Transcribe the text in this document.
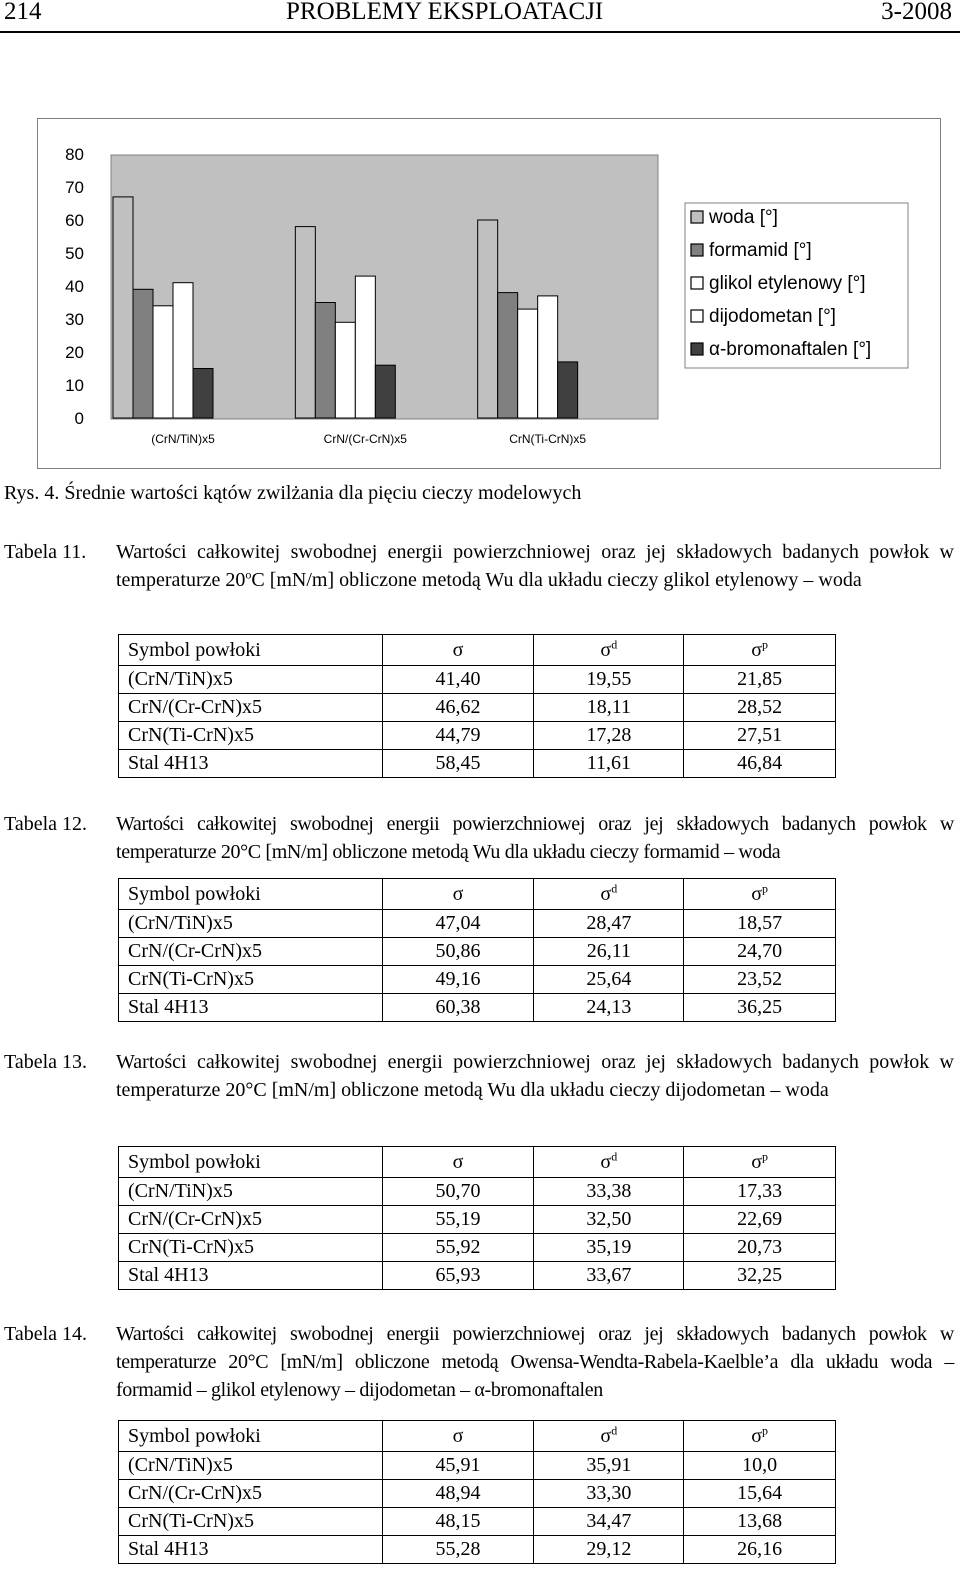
214	PROBLEMY EKSPLOATACJI	3-2008
0
10
20
30
40
50
60
70
80
(CrN/TiN)x5	CrN/(Cr-CrN)x5	CrN(Ti-CrN)x5
woda [°]
formamid [°]
glikol etylenowy [°]
dijodometan [°]
α-bromonaftalen [°]
Rys. 4. Średnie wartości kątów zwilżania dla pięciu cieczy modelowych
Tabela 11. Wartości całkowitej swobodnej energii powierzchniowej oraz jej składowych badanych powłok w temperaturze 20$^o$C [mN/m] obliczone metodą Wu dla układu cieczy glikol etylenowy – woda
Symbol powłoki	σ	$\sigma^d$	$\sigma^p$
(CrN/TiN)x5	41,40	19,55	21,85
CrN/(Cr-CrN)x5	46,62	18,11	28,52
CrN(Ti-CrN)x5	44,79	17,28	27,51
Stal 4H13	58,45	11,61	46,84
Tabela 12. Wartości całkowitej swobodnej energii powierzchniowej oraz jej składowych badanych powłok w temperaturze 20°C [mN/m] obliczone metodą Wu dla układu cieczy formamid – woda
Symbol powłoki	σ	$\sigma^d$	$\sigma^p$
(CrN/TiN)x5	47,04	28,47	18,57
CrN/(Cr-CrN)x5	50,86	26,11	24,70
CrN(Ti-CrN)x5	49,16	25,64	23,52
Stal 4H13	60,38	24,13	36,25
Tabela 13. Wartości całkowitej swobodnej energii powierzchniowej oraz jej składowych badanych powłok w temperaturze 20°C [mN/m] obliczone metodą Wu dla układu cieczy dijodometan – woda
Symbol powłoki	σ	$\sigma^d$	$\sigma^p$
(CrN/TiN)x5	50,70	33,38	17,33
CrN/(Cr-CrN)x5	55,19	32,50	22,69
CrN(Ti-CrN)x5	55,92	35,19	20,73
Stal 4H13	65,93	33,67	32,25
Tabela 14. Wartości całkowitej swobodnej energii powierzchniowej oraz jej składowych badanych powłok w temperaturze 20°C [mN/m] obliczone metodą Owensa-Wendta-Rabela-Kaelble’a dla układu woda – formamid – glikol etylenowy – dijodometan – α-bromonaftalen
Symbol powłoki	σ	$\sigma^d$	$\sigma^p$
(CrN/TiN)x5	45,91	35,91	10,0
CrN/(Cr-CrN)x5	48,94	33,30	15,64
CrN(Ti-CrN)x5	48,15	34,47	13,68
Stal 4H13	55,28	29,12	26,16
